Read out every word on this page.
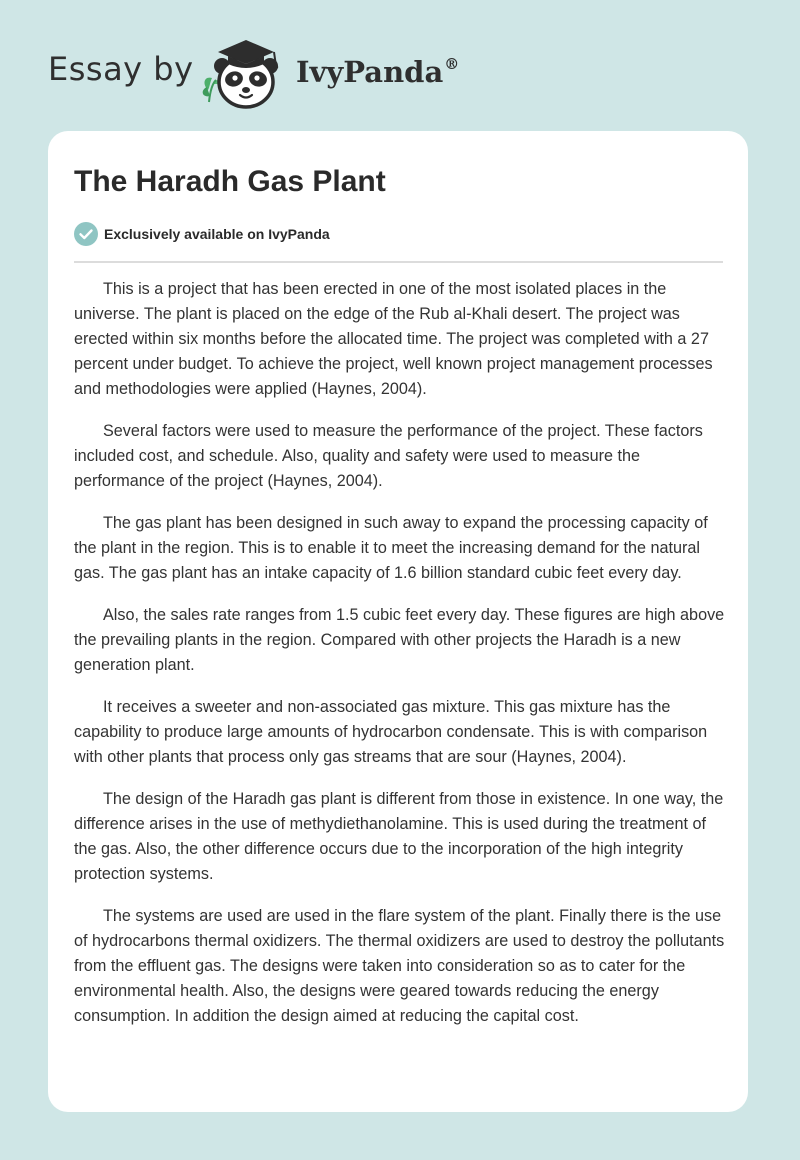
Essay by	IvyPanda®
The Haradh Gas Plant
Exclusively available on IvyPanda

This is a project that has been erected in one of the most isolated places in the universe. The plant is placed on the edge of the Rub al-Khali desert. The project was erected within six months before the allocated time. The project was completed with a 27 percent under budget. To achieve the project, well known project management processes and methodologies were applied (Haynes, 2004).

Several factors were used to measure the performance of the project. These factors included cost, and schedule. Also, quality and safety were used to measure the performance of the project (Haynes, 2004).

The gas plant has been designed in such away to expand the processing capacity of the plant in the region. This is to enable it to meet the increasing demand for the natural gas. The gas plant has an intake capacity of 1.6 billion standard cubic feet every day.

Also, the sales rate ranges from 1.5 cubic feet every day. These figures are high above the prevailing plants in the region. Compared with other projects the Haradh is a new generation plant.

It receives a sweeter and non-associated gas mixture. This gas mixture has the capability to produce large amounts of hydrocarbon condensate. This is with comparison with other plants that process only gas streams that are sour (Haynes, 2004).

The design of the Haradh gas plant is different from those in existence. In one way, the difference arises in the use of methydiethanolamine. This is used during the treatment of the gas. Also, the other difference occurs due to the incorporation of the high integrity protection systems.

The systems are used are used in the flare system of the plant. Finally there is the use of hydrocarbons thermal oxidizers. The thermal oxidizers are used to destroy the pollutants from the effluent gas. The designs were taken into consideration so as to cater for the environmental health. Also, the designs were geared towards reducing the energy consumption. In addition the design aimed at reducing the capital cost.
